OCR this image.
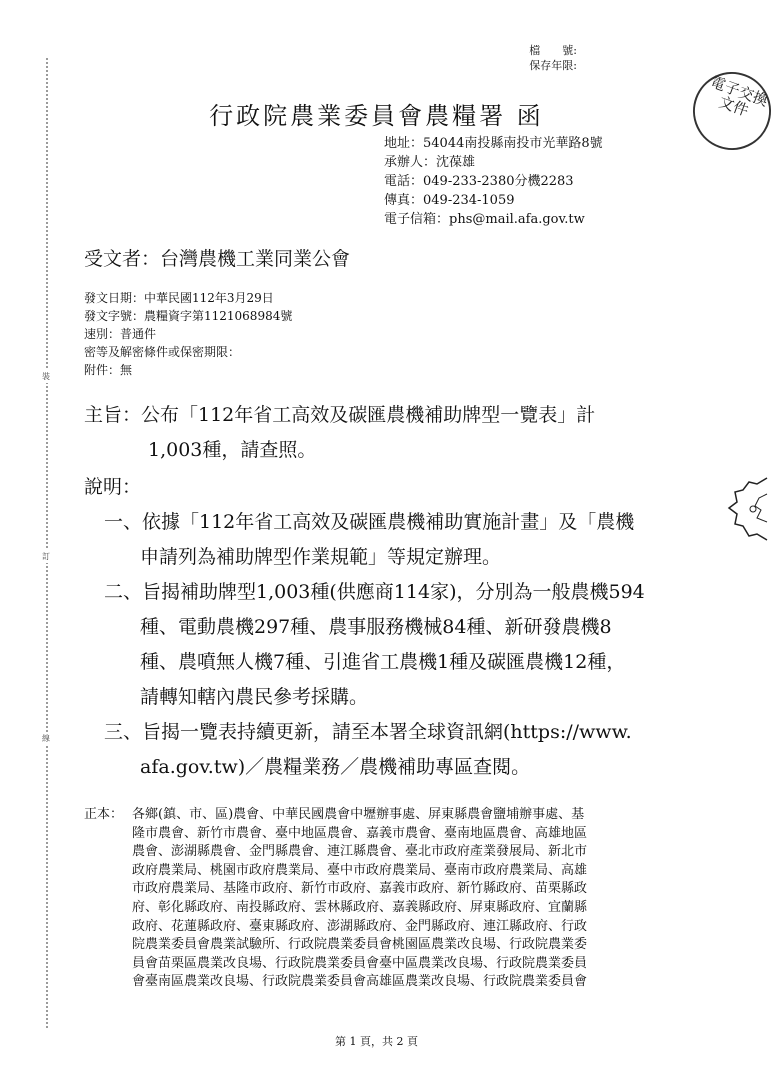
裝
訂
線
檔　　號:
保存年限:
電子交換
文件
行政院農業委員會農糧署 函
地址：54044南投縣南投市光華路8號
承辦人：沈葆雄
電話：049-233-2380分機2283
傳真：049-234-1059
電子信箱：phs@mail.afa.gov.tw
受文者：台灣農機工業同業公會
發文日期：中華民國112年3月29日
發文字號：農糧資字第1121068984號
速別：普通件
密等及解密條件或保密期限：
附件：無
主旨：公布「112年省工高效及碳匯農機補助牌型一覽表」計
1,003種，請查照。
說明：
一、依據「112年省工高效及碳匯農機補助實施計畫」及「農機
申請列為補助牌型作業規範」等規定辦理。
二、旨揭補助牌型1,003種(供應商114家)，分別為一般農機594
種、電動農機297種、農事服務機械84種、新研發農機8
種、農噴無人機7種、引進省工農機1種及碳匯農機12種，
請轉知轄內農民參考採購。
三、旨揭一覽表持續更新，請至本署全球資訊網(https://www.
afa.gov.tw)／農糧業務／農機補助專區查閱。
正本： 各鄉(鎮、市、區)農會、中華民國農會中壢辦事處、屏東縣農會鹽埔辦事處、基
隆市農會、新竹市農會、臺中地區農會、嘉義市農會、臺南地區農會、高雄地區
農會、澎湖縣農會、金門縣農會、連江縣農會、臺北市政府產業發展局、新北市
政府農業局、桃園市政府農業局、臺中市政府農業局、臺南市政府農業局、高雄
市政府農業局、基隆市政府、新竹市政府、嘉義市政府、新竹縣政府、苗栗縣政
府、彰化縣政府、南投縣政府、雲林縣政府、嘉義縣政府、屏東縣政府、宜蘭縣
政府、花蓮縣政府、臺東縣政府、澎湖縣政府、金門縣政府、連江縣政府、行政
院農業委員會農業試驗所、行政院農業委員會桃園區農業改良場、行政院農業委
員會苗栗區農業改良場、行政院農業委員會臺中區農業改良場、行政院農業委員
會臺南區農業改良場、行政院農業委員會高雄區農業改良場、行政院農業委員會
第 1 頁，共 2 頁
